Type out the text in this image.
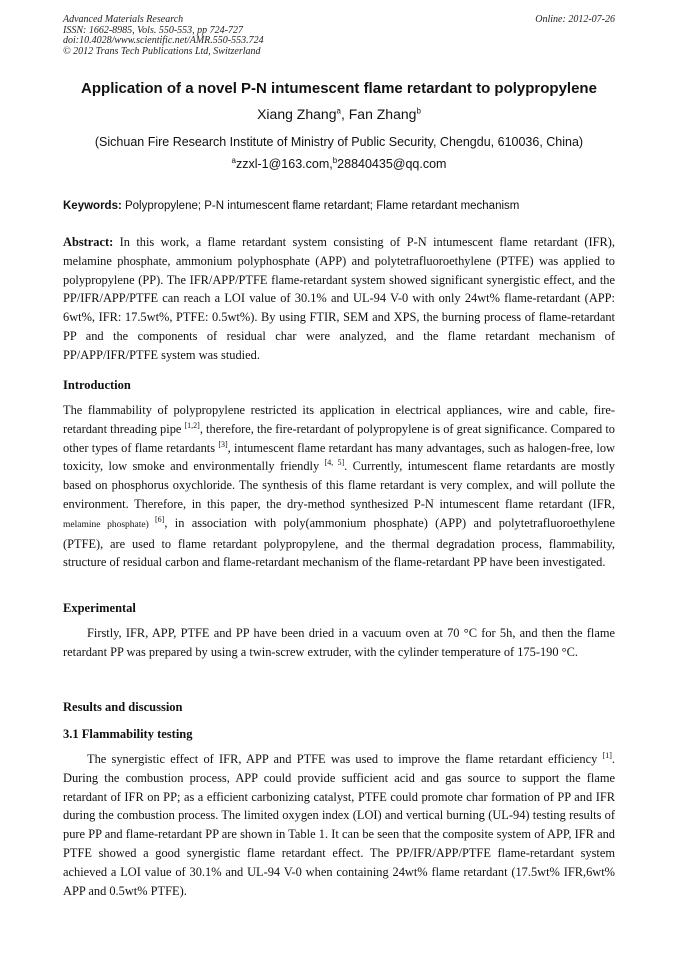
Advanced Materials Research
ISSN: 1662-8985, Vols. 550-553, pp 724-727
doi:10.4028/www.scientific.net/AMR.550-553.724
© 2012 Trans Tech Publications Ltd, Switzerland
Online: 2012-07-26
Application of a novel P-N intumescent flame retardant to polypropylene
Xiang Zhang$^a$, Fan Zhang$^b$
(Sichuan Fire Research Institute of Ministry of Public Security, Chengdu, 610036, China)
$^a$zzxl-1@163.com,$^b$28840435@qq.com
Keywords: Polypropylene; P-N intumescent flame retardant; Flame retardant mechanism
Abstract: In this work, a flame retardant system consisting of P-N intumescent flame retardant (IFR), melamine phosphate, ammonium polyphosphate (APP) and polytetrafluoroethylene (PTFE) was applied to polypropylene (PP). The IFR/APP/PTFE flame-retardant system showed significant synergistic effect, and the PP/IFR/APP/PTFE can reach a LOI value of 30.1% and UL-94 V-0 with only 24wt% flame-retardant (APP: 6wt%, IFR: 17.5wt%, PTFE: 0.5wt%). By using FTIR, SEM and XPS, the burning process of flame-retardant PP and the components of residual char were analyzed, and the flame retardant mechanism of PP/APP/IFR/PTFE system was studied.
Introduction
The flammability of polypropylene restricted its application in electrical appliances, wire and cable, fire-retardant threading pipe [1,2], therefore, the fire-retardant of polypropylene is of great significance. Compared to other types of flame retardants [3], intumescent flame retardant has many advantages, such as halogen-free, low toxicity, low smoke and environmentally friendly [4, 5]. Currently, intumescent flame retardants are mostly based on phosphorus oxychloride. The synthesis of this flame retardant is very complex, and will pollute the environment. Therefore, in this paper, the dry-method synthesized P-N intumescent flame retardant (IFR, melamine phosphate) [6], in association with poly(ammonium phosphate) (APP) and polytetrafluoroethylene (PTFE), are used to flame retardant polypropylene, and the thermal degradation process, flammability, structure of residual carbon and flame-retardant mechanism of the flame-retardant PP have been investigated.
Experimental
Firstly, IFR, APP, PTFE and PP have been dried in a vacuum oven at 70 °C for 5h, and then the flame retardant PP was prepared by using a twin-screw extruder, with the cylinder temperature of 175-190 °C.
Results and discussion
3.1 Flammability testing
The synergistic effect of IFR, APP and PTFE was used to improve the flame retardant efficiency [1]. During the combustion process, APP could provide sufficient acid and gas source to support the flame retardant of IFR on PP; as a efficient carbonizing catalyst, PTFE could promote char formation of PP and IFR during the combustion process. The limited oxygen index (LOI) and vertical burning (UL-94) testing results of pure PP and flame-retardant PP are shown in Table 1. It can be seen that the composite system of APP, IFR and PTFE showed a good synergistic flame retardant effect. The PP/IFR/APP/PTFE flame-retardant system achieved a LOI value of 30.1% and UL-94 V-0 when containing 24wt% flame retardant (17.5wt% IFR,6wt% APP and 0.5wt% PTFE).
